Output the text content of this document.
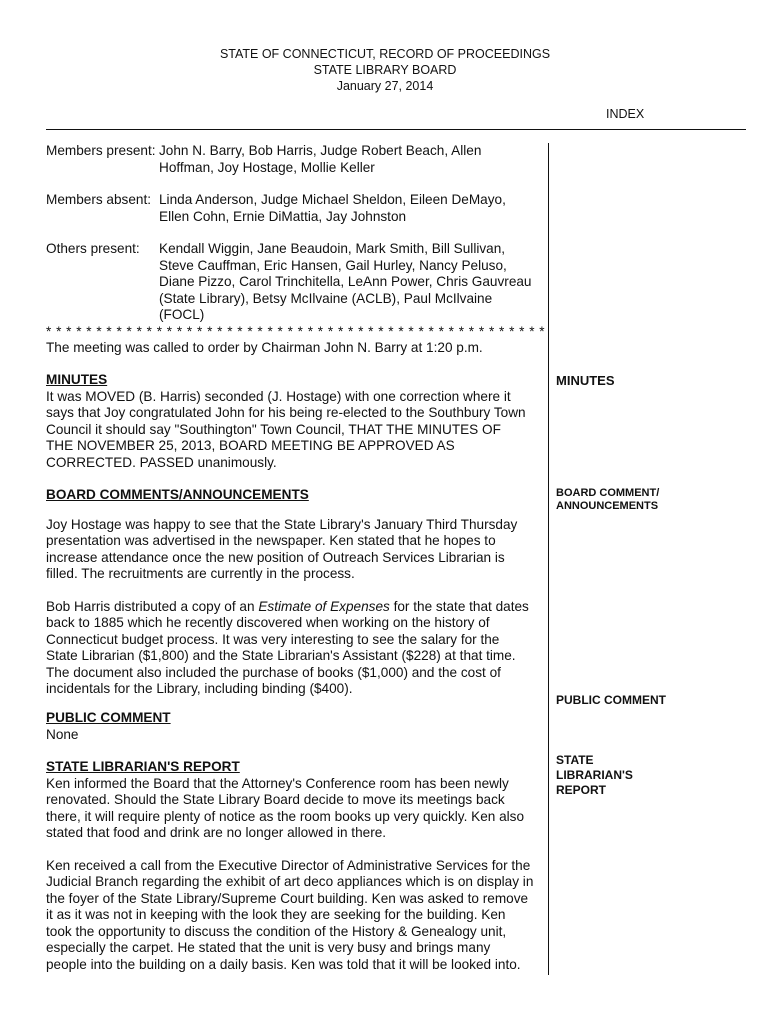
STATE OF CONNECTICUT, RECORD OF PROCEEDINGS
STATE LIBRARY BOARD
January 27, 2014
INDEX
Members present: John N. Barry, Bob Harris, Judge Robert Beach, Allen
Hoffman, Joy Hostage, Mollie Keller
Members absent: Linda Anderson, Judge Michael Sheldon, Eileen DeMayo,
Ellen Cohn, Ernie DiMattia, Jay Johnston
Others present: Kendall Wiggin, Jane Beaudoin, Mark Smith, Bill Sullivan,
Steve Cauffman, Eric Hansen, Gail Hurley, Nancy Peluso,
Diane Pizzo, Carol Trinchitella, LeAnn Power, Chris Gauvreau
(State Library), Betsy McIlvaine (ACLB), Paul McIlvaine
(FOCL)
* * * * * * * * * * * * * * * * * * * * * * * * * * * * * * * * * * * * * * * * * * * * * * * * * *
The meeting was called to order by Chairman John N. Barry at 1:20 p.m.
MINUTES
It was MOVED (B. Harris) seconded (J. Hostage) with one correction where it
says that Joy congratulated John for his being re-elected to the Southbury Town
Council it should say "Southington" Town Council, THAT THE MINUTES OF
THE NOVEMBER 25, 2013, BOARD MEETING BE APPROVED AS
CORRECTED. PASSED unanimously.
BOARD COMMENTS/ANNOUNCEMENTS
Joy Hostage was happy to see that the State Library's January Third Thursday
presentation was advertised in the newspaper. Ken stated that he hopes to
increase attendance once the new position of Outreach Services Librarian is
filled. The recruitments are currently in the process.
Bob Harris distributed a copy of an Estimate of Expenses for the state that dates
back to 1885 which he recently discovered when working on the history of
Connecticut budget process. It was very interesting to see the salary for the
State Librarian ($1,800) and the State Librarian's Assistant ($228) at that time.
The document also included the purchase of books ($1,000) and the cost of
incidentals for the Library, including binding ($400).
PUBLIC COMMENT
None
STATE LIBRARIAN'S REPORT
Ken informed the Board that the Attorney's Conference room has been newly
renovated. Should the State Library Board decide to move its meetings back
there, it will require plenty of notice as the room books up very quickly. Ken also
stated that food and drink are no longer allowed in there.
Ken received a call from the Executive Director of Administrative Services for the
Judicial Branch regarding the exhibit of art deco appliances which is on display in
the foyer of the State Library/Supreme Court building. Ken was asked to remove
it as it was not in keeping with the look they are seeking for the building. Ken
took the opportunity to discuss the condition of the History & Genealogy unit,
especially the carpet. He stated that the unit is very busy and brings many
people into the building on a daily basis. Ken was told that it will be looked into.
MINUTES
BOARD COMMENT/
ANNOUNCEMENTS
PUBLIC COMMENT
STATE
LIBRARIAN'S
REPORT
